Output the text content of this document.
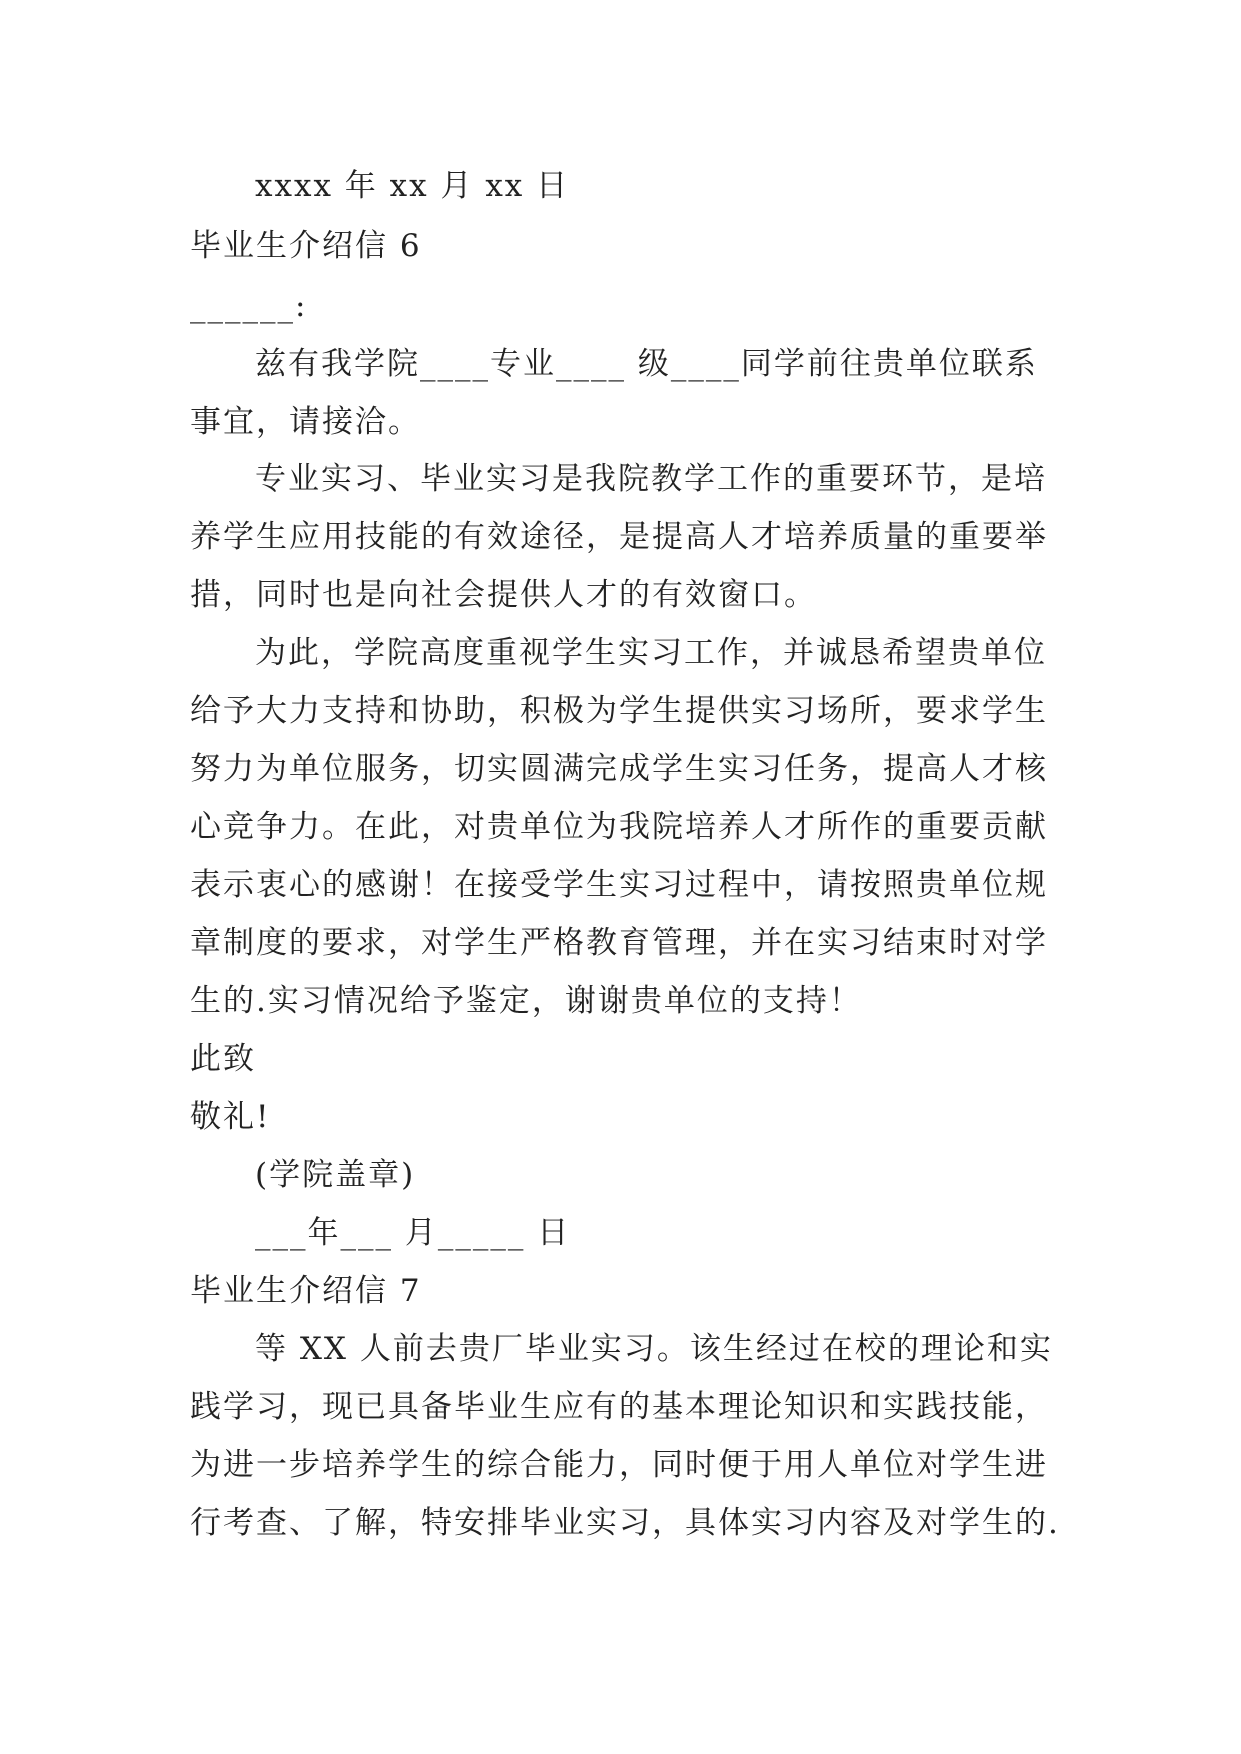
xxxx 年 xx 月 xx 日
毕业生介绍信 6
______:
兹有我学院____专业____ 级____同学前往贵单位联系
事宜，请接洽。
专业实习、毕业实习是我院教学工作的重要环节，是培
养学生应用技能的有效途径，是提高人才培养质量的重要举
措，同时也是向社会提供人才的有效窗口。
为此，学院高度重视学生实习工作，并诚恳希望贵单位
给予大力支持和协助，积极为学生提供实习场所，要求学生
努力为单位服务，切实圆满完成学生实习任务，提高人才核
心竞争力。在此，对贵单位为我院培养人才所作的重要贡献
表示衷心的感谢！在接受学生实习过程中，请按照贵单位规
章制度的要求，对学生严格教育管理，并在实习结束时对学
生的.实习情况给予鉴定，谢谢贵单位的支持！
此致
敬礼!
(学院盖章)
___年___ 月_____ 日
毕业生介绍信 7
等 XX 人前去贵厂毕业实习。该生经过在校的理论和实
践学习，现已具备毕业生应有的基本理论知识和实践技能，
为进一步培养学生的综合能力，同时便于用人单位对学生进
行考查、了解，特安排毕业实习，具体实习内容及对学生的.
